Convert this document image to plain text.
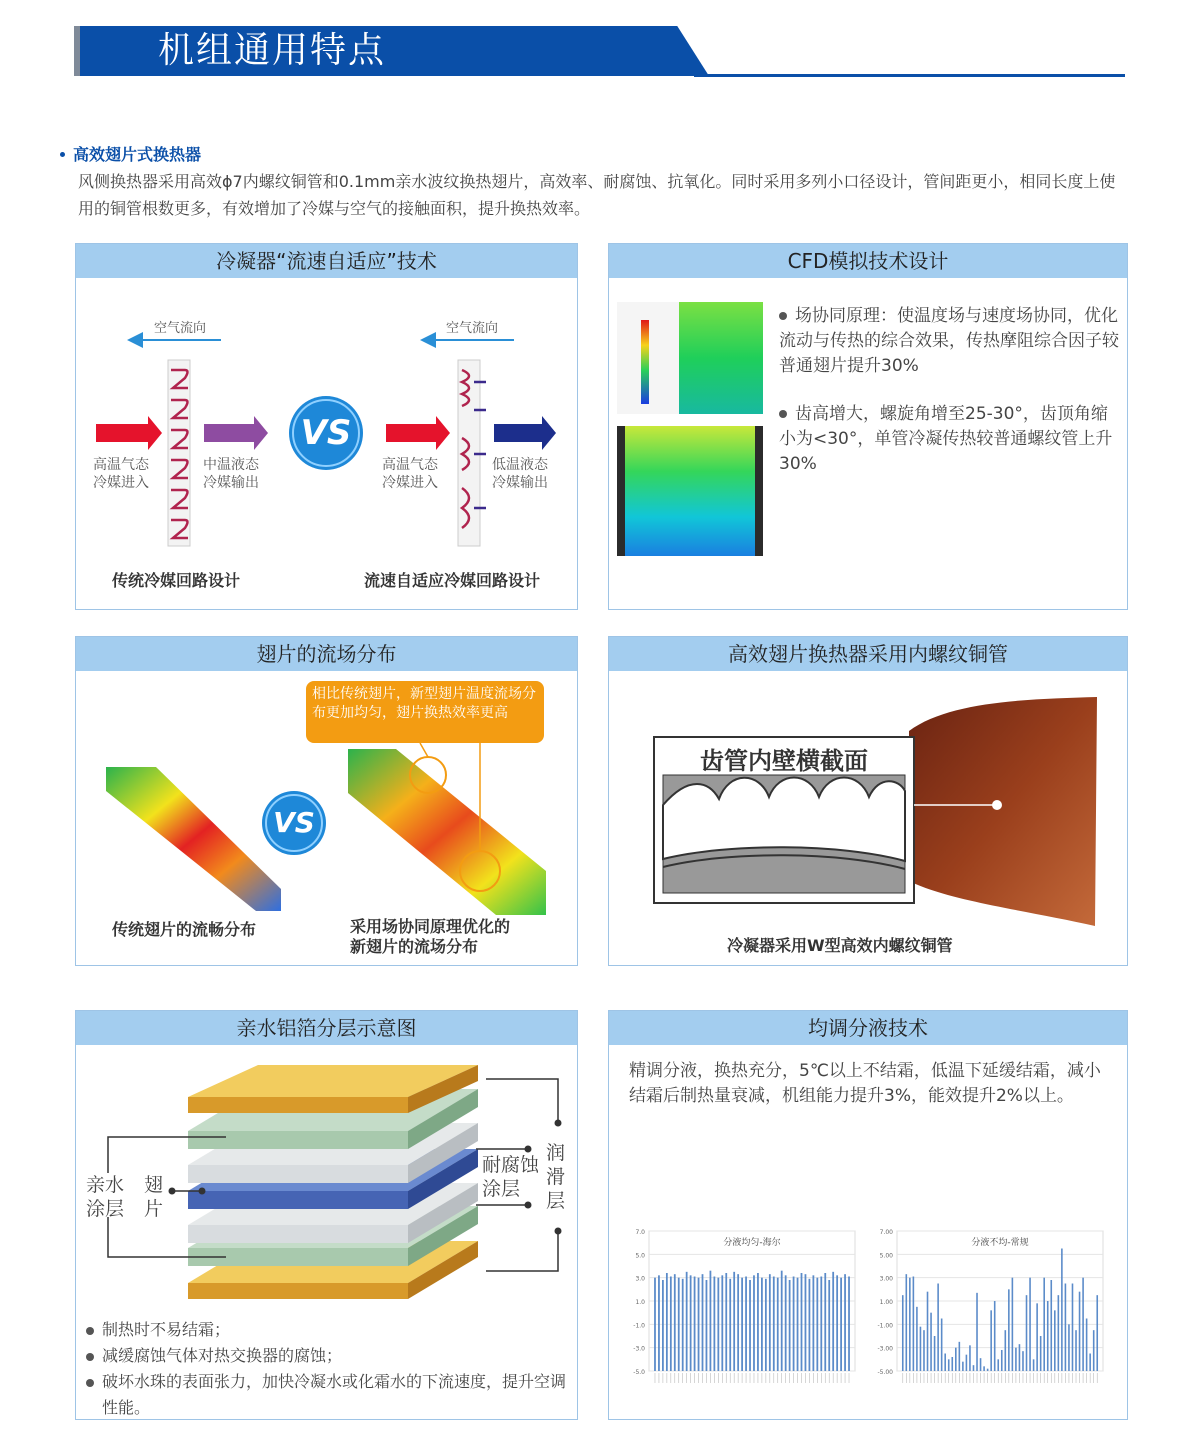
机组通用特点
高效翅片式换热器
风侧换热器采用高效ϕ7内螺纹铜管和0.1mm亲水波纹换热翅片，高效率、耐腐蚀、抗氧化。同时采用多列小口径设计，管间距更小，相同长度上使用的铜管根数更多，有效增加了冷媒与空气的接触面积，提升换热效率。
冷凝器“流速自适应”技术
空气流向	空气流向
VS
高温气态
冷媒进入
中温液态
冷媒输出
高温气态
冷媒进入
低温液态
冷媒输出
传统冷媒回路设计	流速自适应冷媒回路设计
CFD模拟技术设计
场协同原理：使温度场与速度场协同，优化流动与传热的综合效果，传热摩阻综合因子较普通翅片提升30%
齿高增大，螺旋角增至25-30°，齿顶角缩小为<30°，单管冷凝传热较普通螺纹管上升30%
翅片的流场分布
相比传统翅片，新型翅片温度流场分布更加均匀，翅片换热效率更高
VS
传统翅片的流畅分布	采用场协同原理优化的
新翅片的流场分布
高效翅片换热器采用内螺纹铜管
齿管内壁横截面
冷凝器采用W型高效内螺纹铜管
亲水铝箔分层示意图
亲水
涂层
翅
片
耐腐蚀
涂层
润
滑
层
制热时不易结霜；
减缓腐蚀气体对热交换器的腐蚀；
破坏水珠的表面张力，加快冷凝水或化霜水的下流速度，提升空调性能。
均调分液技术
精调分液，换热充分，5℃以上不结霜，低温下延缓结霜，减小结霜后制热量衰减，机组能力提升3%，能效提升2%以上。
7.0
5.0
3.0
1.0
-1.0
-3.0
-5.0
分液均匀-海尔
7.00
5.00
3.00
1.00
-1.00
-3.00
-5.00
分液不均-常规
